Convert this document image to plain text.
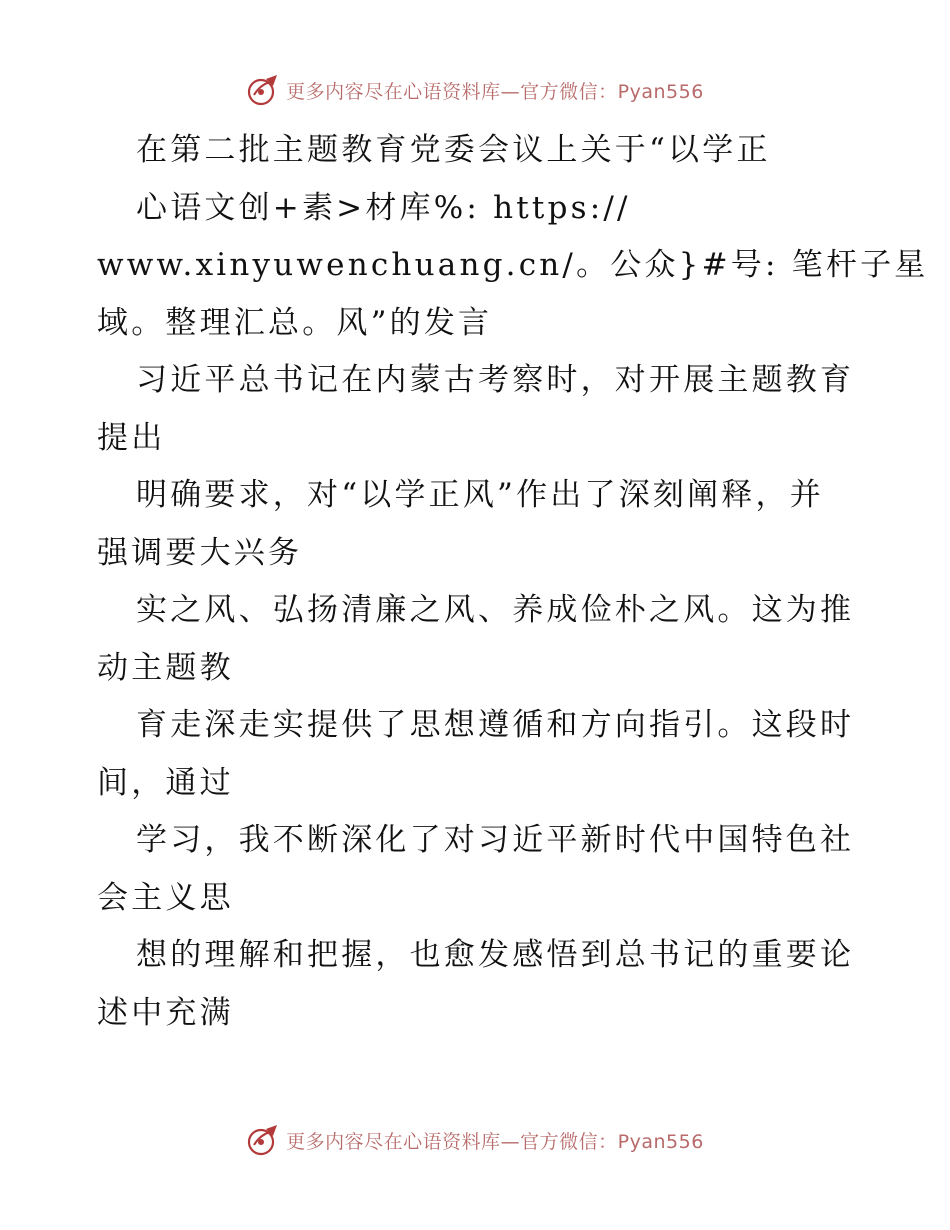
更多内容尽在心语资料库—官方微信：Pyan556

在第二批主题教育党委会议上关于“以学正

心语文创+素>材库%: https://

www.xinyuwenchuang.cn/。公众}#号: 笔杆子星

域。整理汇总。风”的发言

习近平总书记在内蒙古考察时，对开展主题教育

提出

明确要求，对“以学正风”作出了深刻阐释，并

强调要大兴务

实之风、弘扬清廉之风、养成俭朴之风。这为推

动主题教

育走深走实提供了思想遵循和方向指引。这段时

间，通过

学习，我不断深化了对习近平新时代中国特色社

会主义思

想的理解和把握，也愈发感悟到总书记的重要论

述中充满

更多内容尽在心语资料库—官方微信：Pyan556
